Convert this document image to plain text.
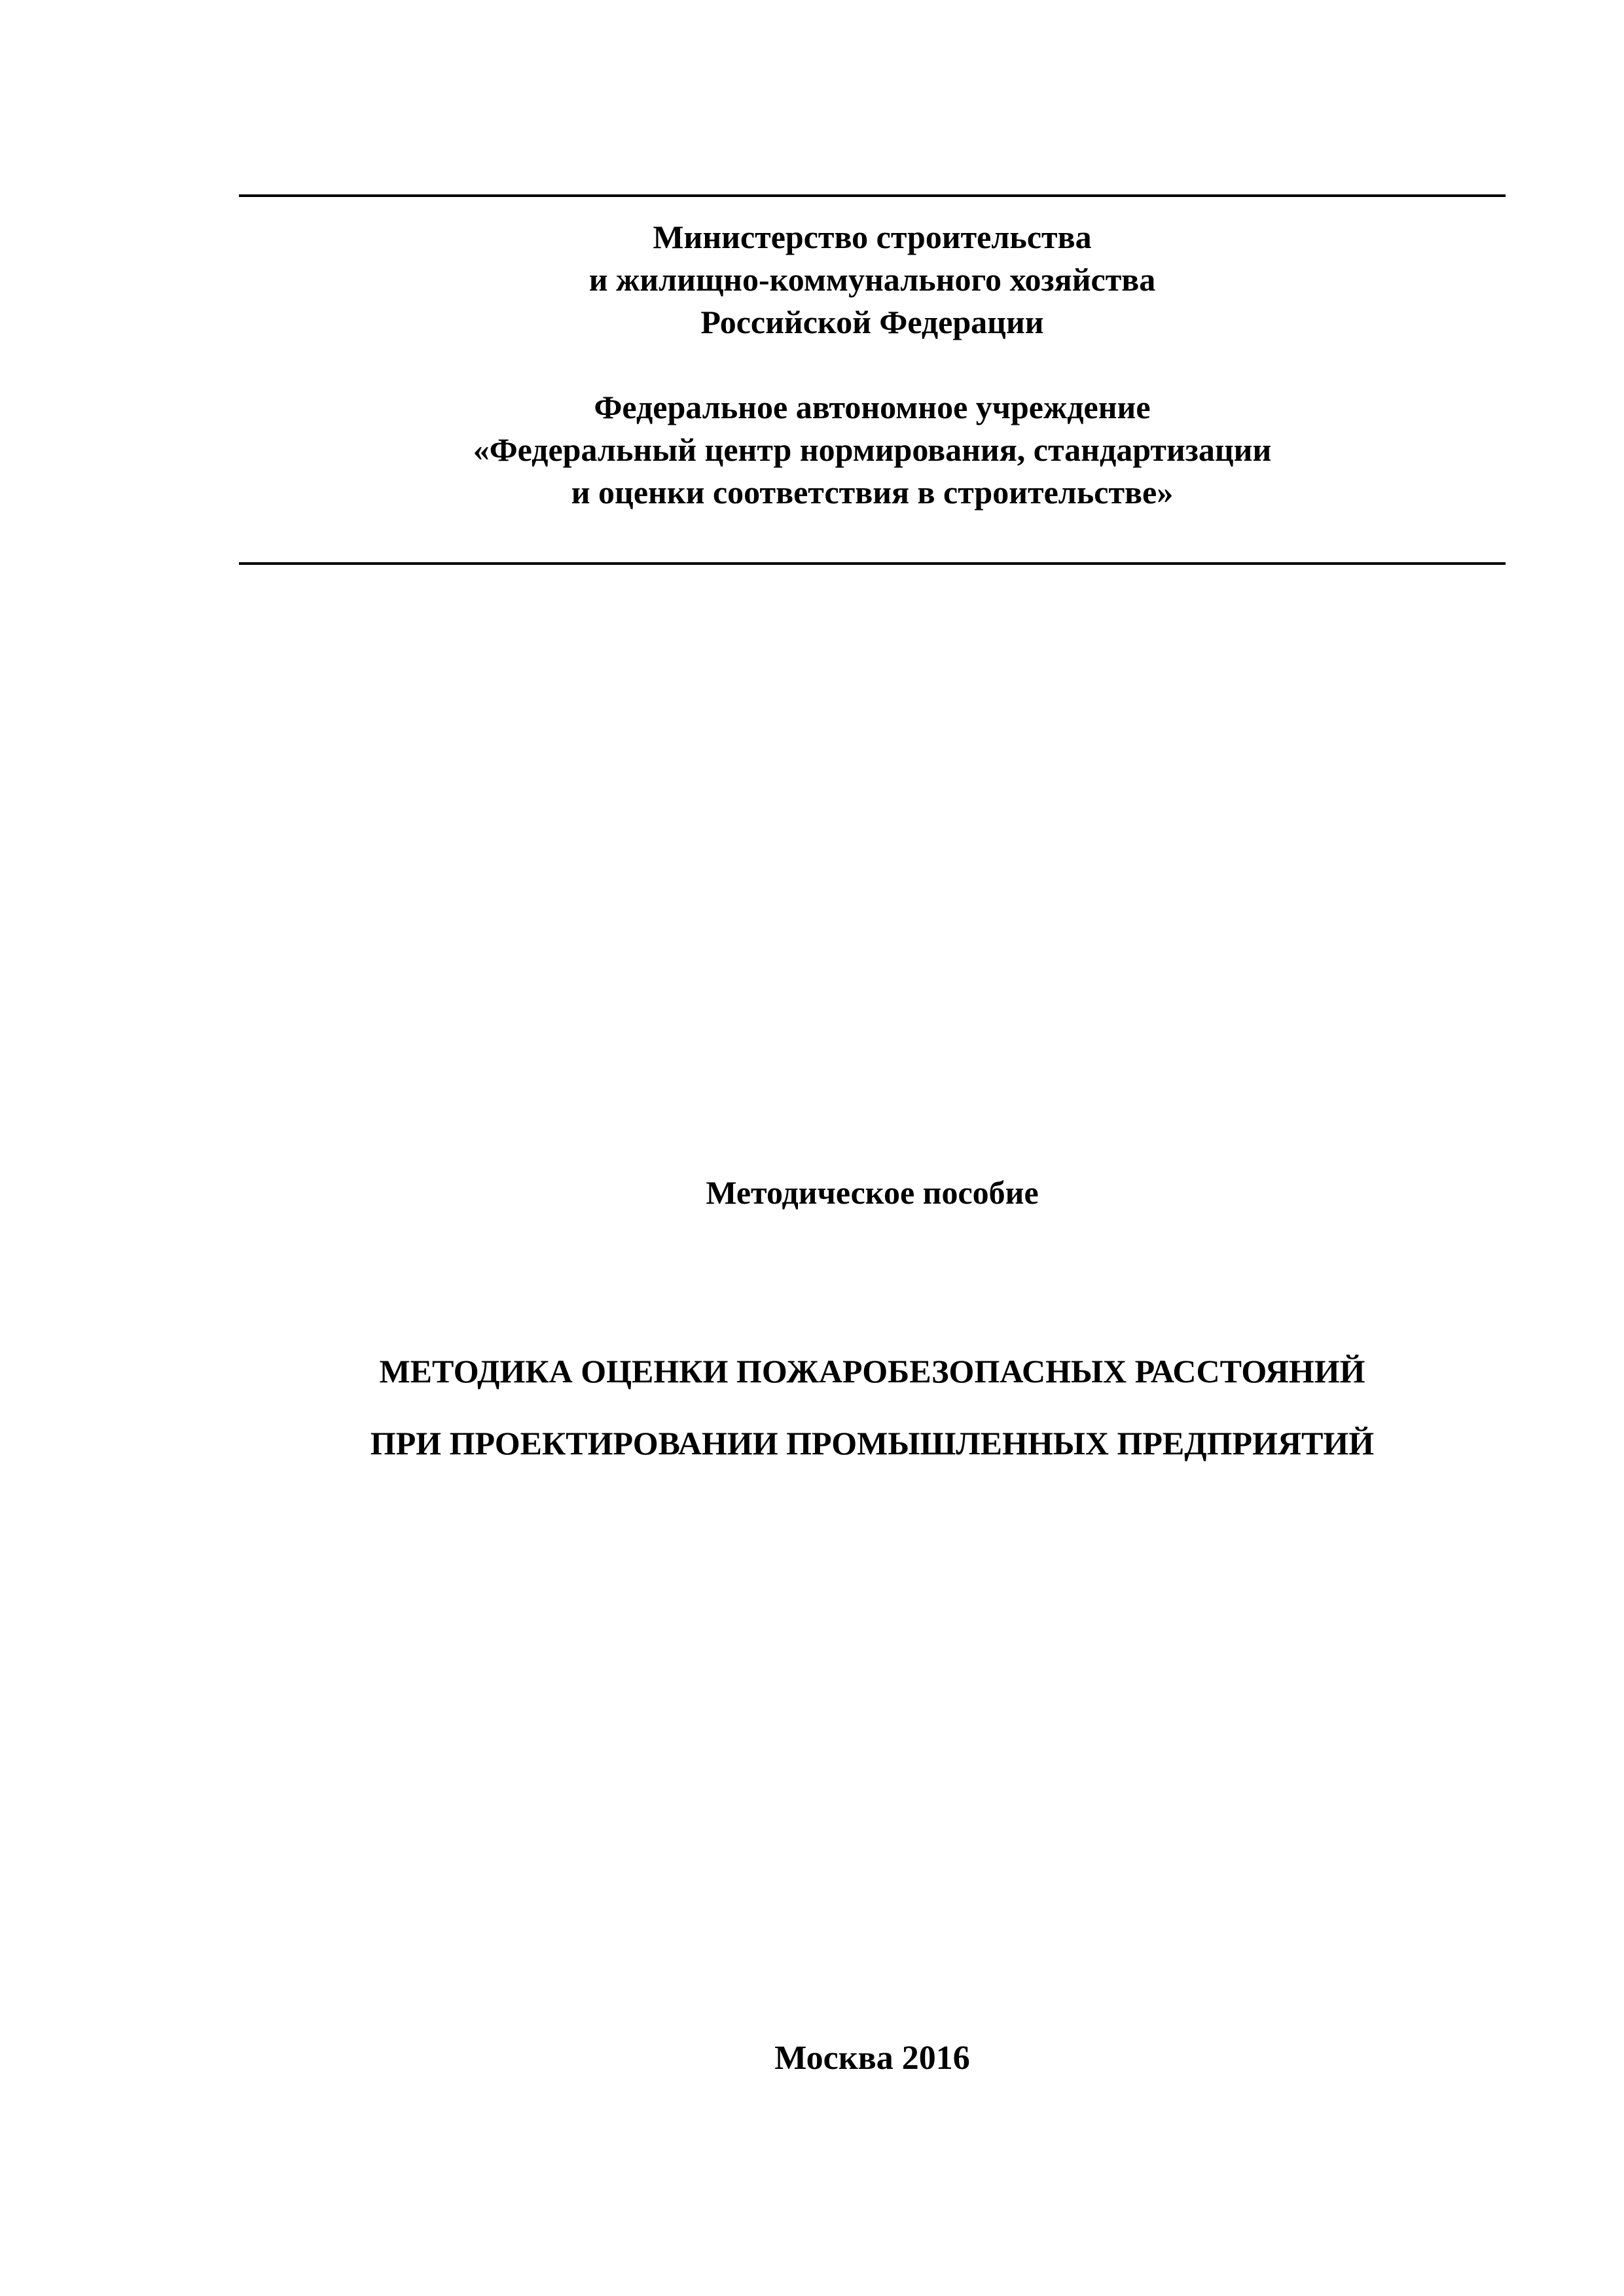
Министерство строительства
и жилищно-коммунального хозяйства
Российской Федерации
Федеральное автономное учреждение
«Федеральный центр нормирования, стандартизации
и оценки соответствия в строительстве»
Методическое пособие
МЕТОДИКА ОЦЕНКИ ПОЖАРОБЕЗОПАСНЫХ РАССТОЯНИЙ
ПРИ ПРОЕКТИРОВАНИИ ПРОМЫШЛЕННЫХ ПРЕДПРИЯТИЙ
Москва 2016
